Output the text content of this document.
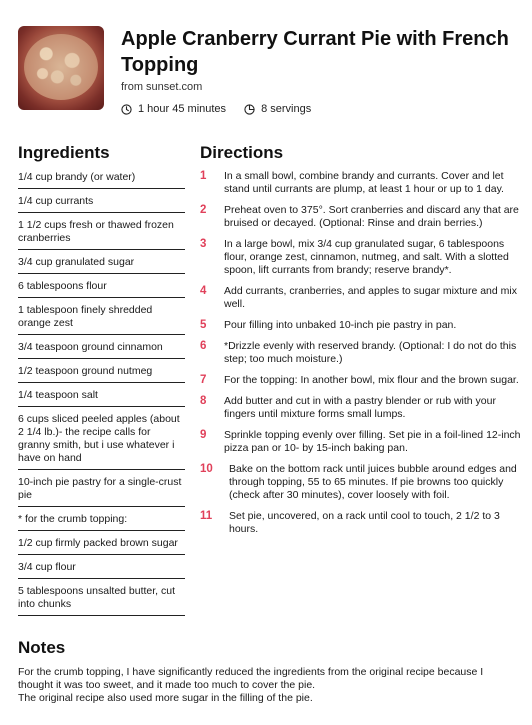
Apple Cranberry Currant Pie with French Topping
from sunset.com
1 hour 45 minutes	8 servings
Ingredients	Directions
1/4 cup brandy (or water)
1/4 cup currants
1 1/2 cups fresh or thawed frozen cranberries
3/4 cup granulated sugar
6 tablespoons flour
1 tablespoon finely shredded orange zest
3/4 teaspoon ground cinnamon
1/2 teaspoon ground nutmeg
1/4 teaspoon salt
6 cups sliced peeled apples (about 2 1/4 lb.)- the recipe calls for granny smith, but i use whatever i have on hand
10-inch pie pastry for a single-crust pie
* for the crumb topping:
1/2 cup firmly packed brown sugar
3/4 cup flour
5 tablespoons unsalted butter, cut into chunks
1	In a small bowl, combine brandy and currants. Cover and let stand until currants are plump, at least 1 hour or up to 1 day.
2	Preheat oven to 375°. Sort cranberries and discard any that are bruised or decayed. (Optional: Rinse and drain berries.)
3	In a large bowl, mix 3/4 cup granulated sugar, 6 tablespoons flour, orange zest, cinnamon, nutmeg, and salt. With a slotted spoon, lift currants from brandy; reserve brandy*.
4	Add currants, cranberries, and apples to sugar mixture and mix well.
5	Pour filling into unbaked 10-inch pie pastry in pan.
6	*Drizzle evenly with reserved brandy. (Optional: I do not do this step; too much moisture.)
7	For the topping: In another bowl, mix flour and the brown sugar.
8	Add butter and cut in with a pastry blender or rub with your fingers until mixture forms small lumps.
9	Sprinkle topping evenly over filling. Set pie in a foil-lined 12-inch pizza pan or 10- by 15-inch baking pan.
10	Bake on the bottom rack until juices bubble around edges and through topping, 55 to 65 minutes. If pie browns too quickly (check after 30 minutes), cover loosely with foil.
11	Set pie, uncovered, on a rack until cool to touch, 2 1/2 to 3 hours.
Notes
For the crumb topping, I have significantly reduced the ingredients from the original recipe because I thought it was too sweet, and it made too much to cover the pie.
The original recipe also used more sugar in the filling of the pie.
